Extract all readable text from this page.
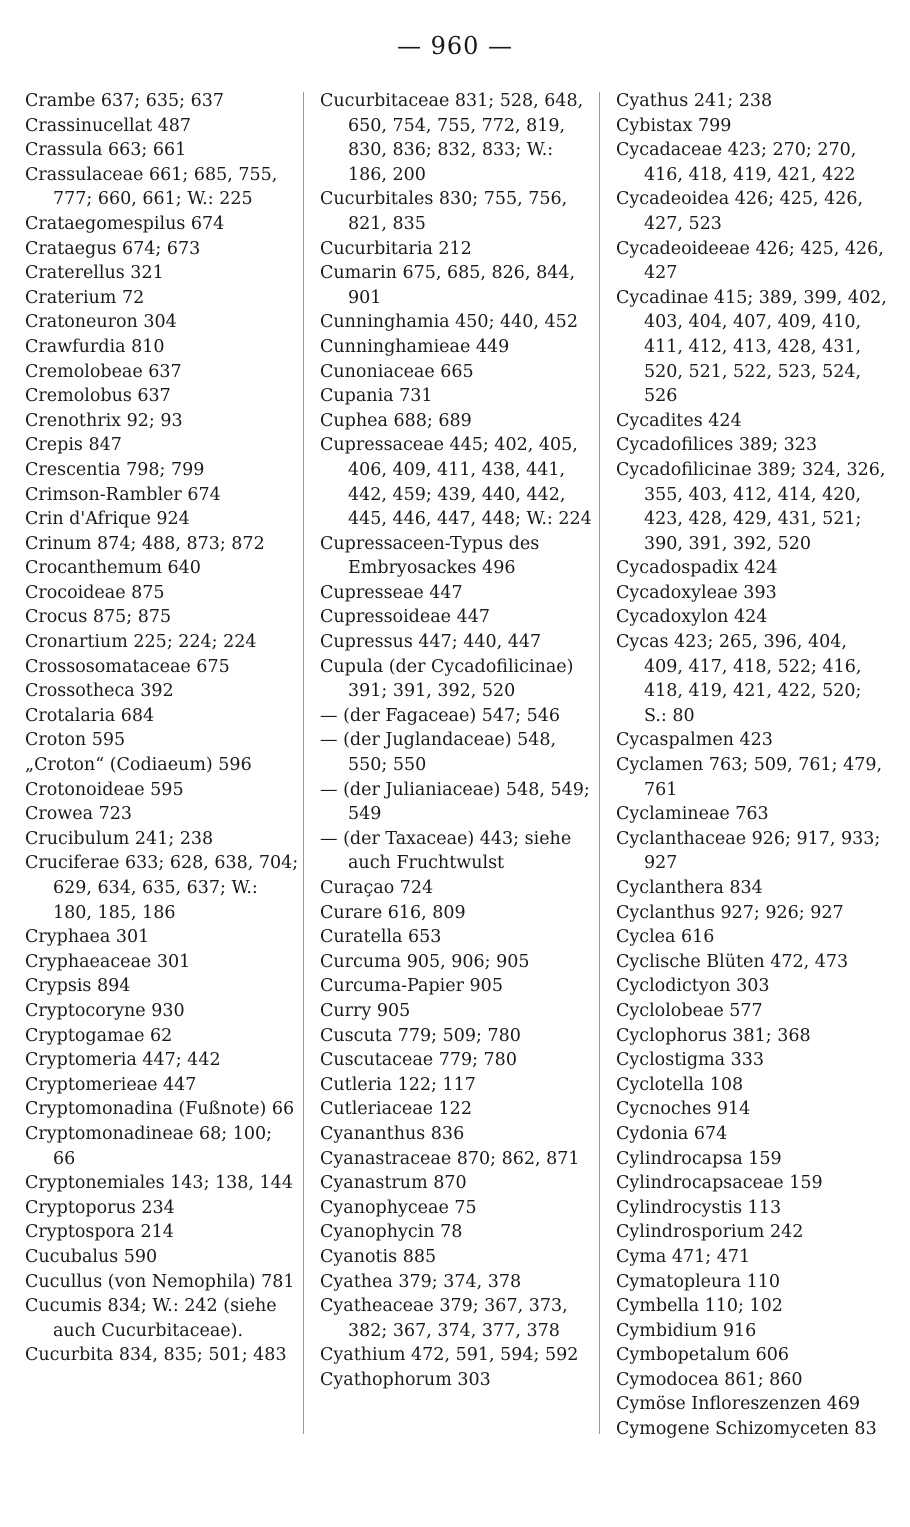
— 960 —
Crambe 637; 635; 637
Crassinucellat 487
Crassula 663; 661
Crassulaceae 661; 685, 755, 777; 660, 661; W.: 225
Crataegomespilus 674
Crataegus 674; 673
Craterellus 321
Craterium 72
Cratoneuron 304
Crawfurdia 810
Cremolobeae 637
Cremolobus 637
Crenothrix 92; 93
Crepis 847
Crescentia 798; 799
Crimson-Rambler 674
Crin d'Afrique 924
Crinum 874; 488, 873; 872
Crocanthemum 640
Crocoideae 875
Crocus 875; 875
Cronartium 225; 224; 224
Crossosomataceae 675
Crossotheca 392
Crotalaria 684
Croton 595
„Croton“ (Codiaeum) 596
Crotonoideae 595
Crowea 723
Crucibulum 241; 238
Cruciferae 633; 628, 638, 704; 629, 634, 635, 637; W.: 180, 185, 186
Cryphaea 301
Cryphaeaceae 301
Crypsis 894
Cryptocoryne 930
Cryptogamae 62
Cryptomeria 447; 442
Cryptomerieae 447
Cryptomonadina (Fußnote) 66
Cryptomonadineae 68; 100; 66
Cryptonemiales 143; 138, 144
Cryptoporus 234
Cryptospora 214
Cucubalus 590
Cucullus (von Nemophila) 781
Cucumis 834; W.: 242 (siehe auch Cucurbitaceae).
Cucurbita 834, 835; 501; 483
Cucurbitaceae 831; 528, 648, 650, 754, 755, 772, 819, 830, 836; 832, 833; W.: 186, 200
Cucurbitales 830; 755, 756, 821, 835
Cucurbitaria 212
Cumarin 675, 685, 826, 844, 901
Cunninghamia 450; 440, 452
Cunninghamieae 449
Cunoniaceae 665
Cupania 731
Cuphea 688; 689
Cupressaceae 445; 402, 405, 406, 409, 411, 438, 441, 442, 459; 439, 440, 442, 445, 446, 447, 448; W.: 224
Cupressaceen-Typus des Embryosackes 496
Cupresseae 447
Cupressoideae 447
Cupressus 447; 440, 447
Cupula (der Cycadofilicinae) 391; 391, 392, 520
— (der Fagaceae) 547; 546
— (der Juglandaceae) 548, 550; 550
— (der Julianiaceae) 548, 549; 549
— (der Taxaceae) 443; siehe auch Fruchtwulst
Curaçao 724
Curare 616, 809
Curatella 653
Curcuma 905, 906; 905
Curcuma-Papier 905
Curry 905
Cuscuta 779; 509; 780
Cuscutaceae 779; 780
Cutleria 122; 117
Cutleriaceae 122
Cyananthus 836
Cyanastraceae 870; 862, 871
Cyanastrum 870
Cyanophyceae 75
Cyanophycin 78
Cyanotis 885
Cyathea 379; 374, 378
Cyatheaceae 379; 367, 373, 382; 367, 374, 377, 378
Cyathium 472, 591, 594; 592
Cyathophorum 303
Cyathus 241; 238
Cybistax 799
Cycadaceae 423; 270; 270, 416, 418, 419, 421, 422
Cycadeoidea 426; 425, 426, 427, 523
Cycadeoideeae 426; 425, 426, 427
Cycadinae 415; 389, 399, 402, 403, 404, 407, 409, 410, 411, 412, 413, 428, 431, 520, 521, 522, 523, 524, 526
Cycadites 424
Cycadofilices 389; 323
Cycadofilicinae 389; 324, 326, 355, 403, 412, 414, 420, 423, 428, 429, 431, 521; 390, 391, 392, 520
Cycadospadix 424
Cycadoxyleae 393
Cycadoxylon 424
Cycas 423; 265, 396, 404, 409, 417, 418, 522; 416, 418, 419, 421, 422, 520; S.: 80
Cycaspalmen 423
Cyclamen 763; 509, 761; 479, 761
Cyclamineae 763
Cyclanthaceae 926; 917, 933; 927
Cyclanthera 834
Cyclanthus 927; 926; 927
Cyclea 616
Cyclische Blüten 472, 473
Cyclodictyon 303
Cyclolobeae 577
Cyclophorus 381; 368
Cyclostigma 333
Cyclotella 108
Cycnoches 914
Cydonia 674
Cylindrocapsa 159
Cylindrocapsaceae 159
Cylindrocystis 113
Cylindrosporium 242
Cyma 471; 471
Cymatopleura 110
Cymbella 110; 102
Cymbidium 916
Cymbopetalum 606
Cymodocea 861; 860
Cymöse Infloreszenzen 469
Cymogene Schizomyceten 83
